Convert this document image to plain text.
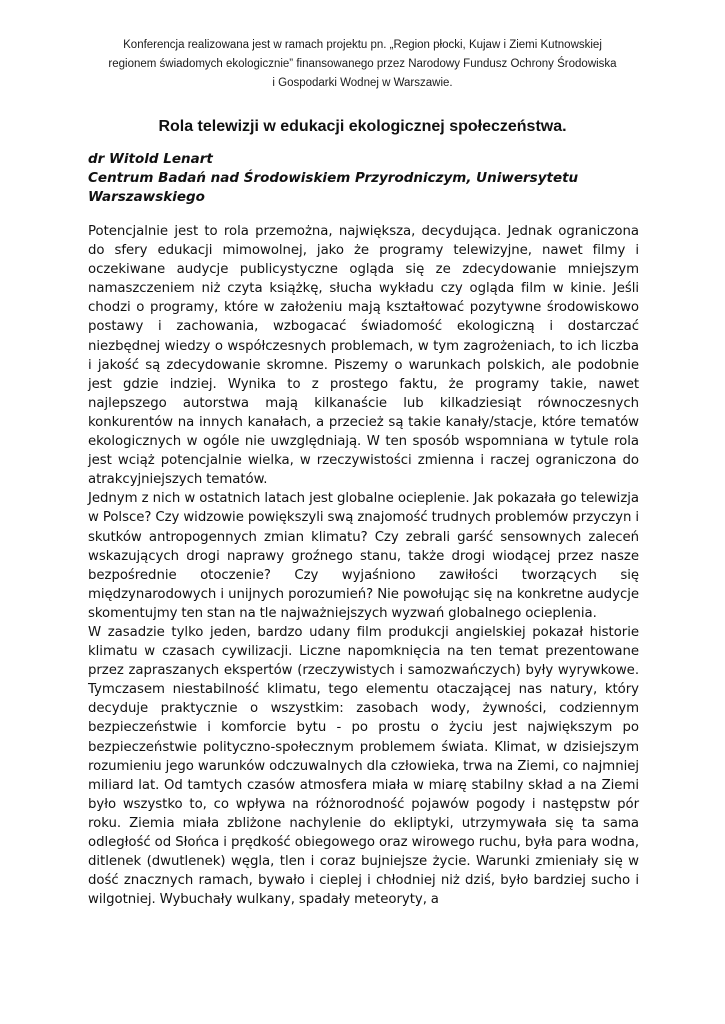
Konferencja realizowana jest w ramach projektu pn. „Region płocki, Kujaw i Ziemi Kutnowskiej
regionem świadomych ekologicznie” finansowanego przez Narodowy Fundusz Ochrony Środowiska
i Gospodarki Wodnej w Warszawie.
Rola telewizji w edukacji ekologicznej społeczeństwa.
dr Witold Lenart
Centrum Badań nad Środowiskiem Przyrodniczym, Uniwersytetu
Warszawskiego

Potencjalnie jest to rola przemożna, największa, decydująca. Jednak ograniczona do sfery edukacji mimowolnej, jako że programy telewizyjne, nawet filmy i oczekiwane audycje publicystyczne ogląda się ze zdecydowanie mniejszym namaszczeniem niż czyta książkę, słucha wykładu czy ogląda film w kinie. Jeśli chodzi o programy, które w założeniu mają kształtować pozytywne środowiskowo postawy i zachowania, wzbogacać świadomość ekologiczną i dostarczać niezbędnej wiedzy o współczesnych problemach, w tym zagrożeniach, to ich liczba i jakość są zdecydowanie skromne. Piszemy o warunkach polskich, ale podobnie jest gdzie indziej. Wynika to z prostego faktu, że programy takie, nawet najlepszego autorstwa mają kilkanaście lub kilkadziesiąt równoczesnych konkurentów na innych kanałach, a przecież są takie kanały/stacje, które tematów ekologicznych w ogóle nie uwzględniają. W ten sposób wspomniana w tytule rola jest wciąż potencjalnie wielka, w rzeczywistości zmienna i raczej ograniczona do atrakcyjniejszych tematów.

Jednym z nich w ostatnich latach jest globalne ocieplenie. Jak pokazała go telewizja w Polsce? Czy widzowie powiększyli swą znajomość trudnych problemów przyczyn i skutków antropogennych zmian klimatu? Czy zebrali garść sensownych zaleceń wskazujących drogi naprawy groźnego stanu, także drogi wiodącej przez nasze bezpośrednie otoczenie? Czy wyjaśniono zawiłości tworzących się międzynarodowych i unijnych porozumień? Nie powołując się na konkretne audycje skomentujmy ten stan na tle najważniejszych wyzwań globalnego ocieplenia.

W zasadzie tylko jeden, bardzo udany film produkcji angielskiej pokazał historie klimatu w czasach cywilizacji. Liczne napomknięcia na ten temat prezentowane przez zapraszanych ekspertów (rzeczywistych i samozwańczych) były wyrywkowe. Tymczasem niestabilność klimatu, tego elementu otaczającej nas natury, który decyduje praktycznie o wszystkim: zasobach wody, żywności, codziennym bezpieczeństwie i komforcie bytu - po prostu o życiu jest największym po bezpieczeństwie polityczno-społecznym problemem świata. Klimat, w dzisiejszym rozumieniu jego warunków odczuwalnych dla człowieka, trwa na Ziemi, co najmniej miliard lat. Od tamtych czasów atmosfera miała w miarę stabilny skład a na Ziemi było wszystko to, co wpływa na różnorodność pojawów pogody i następstw pór roku. Ziemia miała zbliżone nachylenie do ekliptyki, utrzymywała się ta sama odległość od Słońca i prędkość obiegowego oraz wirowego ruchu, była para wodna, ditlenek (dwutlenek) węgla, tlen i coraz bujniejsze życie. Warunki zmieniały się w dość znacznych ramach, bywało i cieplej i chłodniej niż dziś, było bardziej sucho i wilgotniej. Wybuchały wulkany, spadały meteoryty, a
